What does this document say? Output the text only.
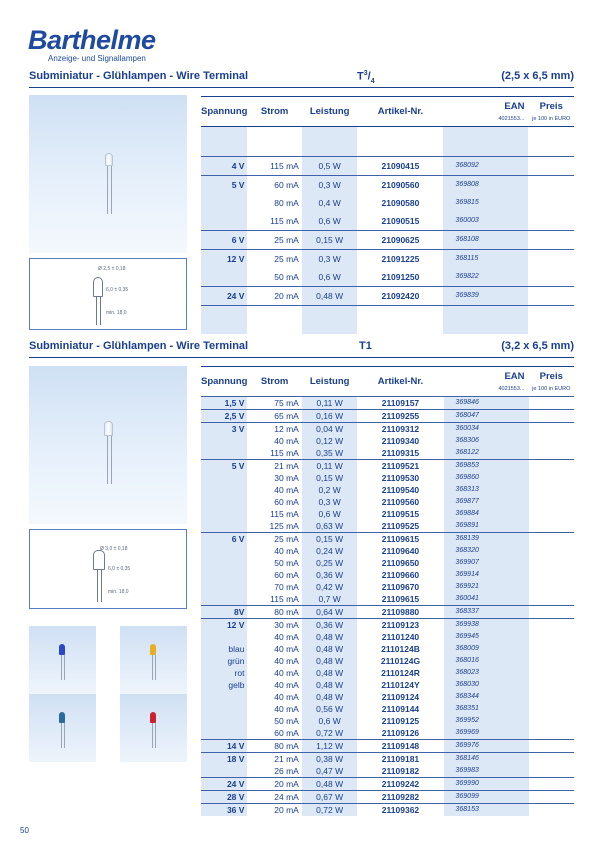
Barthelme
Anzeige- und Signallampen
Subminiatur - Glühlampen - Wire Terminal	$T^3/_4$	(2,5 x 6,5 mm)
Ø 2,5 ± 0,18
6,0 ± 0,35
min. 18,0
Spannung	Strom	Leistung	Artikel-Nr.	EAN
4021553...	Preis
je 100 in EURO

4 V	115 mA	0,5 W	21090415	368092	
5 V	60 mA	0,3 W	21090560	369808	
	80 mA	0,4 W	21090580	369815	
	115 mA	0,6 W	21090515	360003	
6 V	25 mA	0,15 W	21090625	368108	
12 V	25 mA	0,3 W	21091225	368115	
	50 mA	0,6 W	21091250	369822	
24 V	20 mA	0,48 W	21092420	369839	

Subminiatur - Glühlampen - Wire Terminal	T1	(3,2 x 6,5 mm)
Ø 3,0 ± 0,18
6,0 ± 0,35
min. 18,0
Spannung	Strom	Leistung	Artikel-Nr.	EAN
4021553...	Preis
je 100 in EURO
1,5 V	75 mA	0,11 W	21109157	369846	
2,5 V	65 mA	0,16 W	21109255	368047	
3 V	12 mA	0,04 W	21109312	360034	
	40 mA	0,12 W	21109340	368306	
	115 mA	0,35 W	21109315	368122	
5 V	21 mA	0,11 W	21109521	369853	
	30 mA	0,15 W	21109530	369860	
	40 mA	0,2 W	21109540	368313	
	60 mA	0,3 W	21109560	369877	
	115 mA	0,6 W	21109515	369884	
	125 mA	0,63 W	21109525	369891	
6 V	25 mA	0,15 W	21109615	368139	
	40 mA	0,24 W	21109640	368320	
	50 mA	0,25 W	21109650	369907	
	60 mA	0,36 W	21109660	369914	
	70 mA	0,42 W	21109670	369921	
	115 mA	0,7 W	21109615	360041	
8V	80 mA	0,64 W	21109880	368337	
12 V	30 mA	0,36 W	21109123	369938	
	40 mA	0,48 W	21101240	369945	
blau	40 mA	0,48 W	2110124B	368009	
grün	40 mA	0,48 W	2110124G	368016	
rot	40 mA	0,48 W	2110124R	368023	
gelb	40 mA	0,48 W	2110124Y	368030	
	40 mA	0,48 W	21109124	368344	
	40 mA	0,56 W	21109144	368351	
	50 mA	0,6 W	21109125	369952	
	60 mA	0,72 W	21109126	369969	
14 V	80 mA	1,12 W	21109148	369976	
18 V	21 mA	0,38 W	21109181	368146	
	26 mA	0,47 W	21109182	369983	
24 V	20 mA	0,48 W	21109242	369990	
28 V	24 mA	0,67 W	21109282	369099	
36 V	20 mA	0,72 W	21109362	368153	
50
